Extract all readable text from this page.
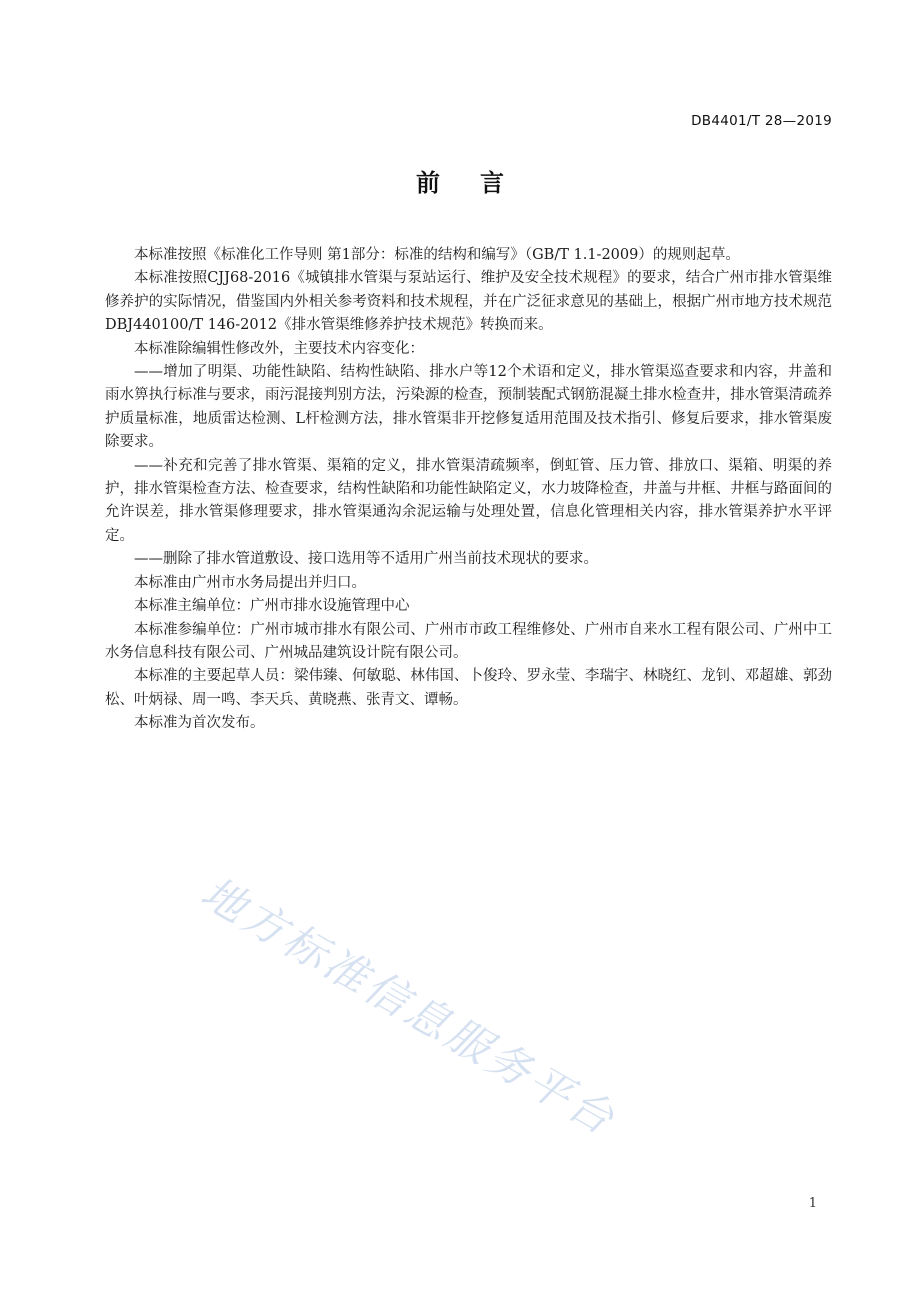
DB4401/T 28—2019
前言

本标准按照《标准化工作导则 第1部分：标准的结构和编写》（GB/T 1.1-2009）的规则起草。

本标准按照CJJ68-2016《城镇排水管渠与泵站运行、维护及安全技术规程》的要求，结合广州市排水管渠维修养护的实际情况，借鉴国内外相关参考资料和技术规程，并在广泛征求意见的基础上，根据广州市地方技术规范DBJ440100/T 146-2012《排水管渠维修养护技术规范》转换而来。

本标准除编辑性修改外，主要技术内容变化：

——增加了明渠、功能性缺陷、结构性缺陷、排水户等12个术语和定义，排水管渠巡查要求和内容，井盖和雨水箅执行标准与要求，雨污混接判别方法，污染源的检查，预制装配式钢筋混凝土排水检查井，排水管渠清疏养护质量标准，地质雷达检测、L杆检测方法，排水管渠非开挖修复适用范围及技术指引、修复后要求，排水管渠废除要求。

——补充和完善了排水管渠、渠箱的定义，排水管渠清疏频率，倒虹管、压力管、排放口、渠箱、明渠的养护，排水管渠检查方法、检查要求，结构性缺陷和功能性缺陷定义，水力坡降检查，井盖与井框、井框与路面间的允许误差，排水管渠修理要求，排水管渠通沟余泥运输与处理处置，信息化管理相关内容，排水管渠养护水平评定。

——删除了排水管道敷设、接口选用等不适用广州当前技术现状的要求。

本标准由广州市水务局提出并归口。

本标准主编单位：广州市排水设施管理中心

本标准参编单位：广州市城市排水有限公司、广州市市政工程维修处、广州市自来水工程有限公司、广州中工水务信息科技有限公司、广州城品建筑设计院有限公司。

本标准的主要起草人员：梁伟臻、何敏聪、林伟国、卜俊玲、罗永莹、李瑞宇、林晓红、龙钊、邓超雄、郭劲松、叶炳禄、周一鸣、李天兵、黄晓燕、张青文、谭畅。

本标准为首次发布。

地方标准信息服务平台
1
